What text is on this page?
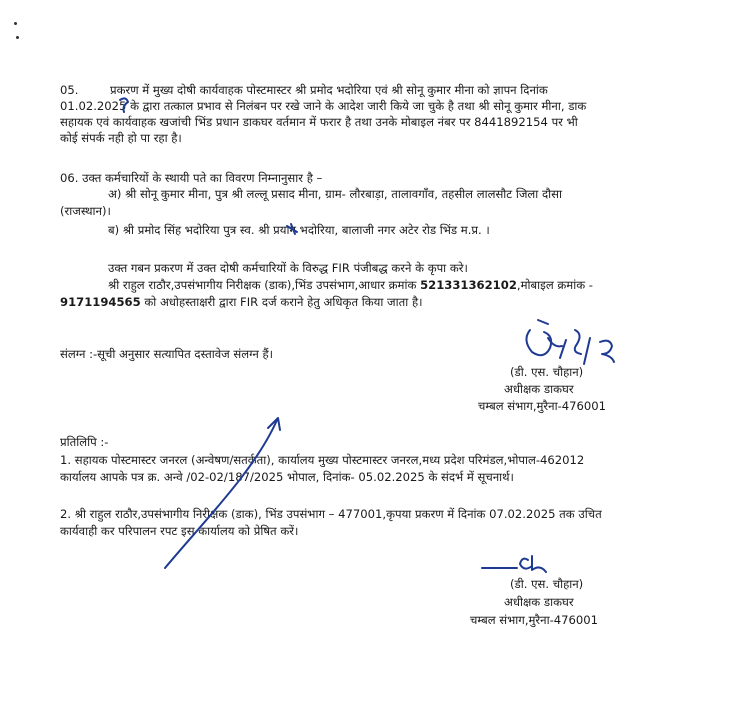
05.	प्रकरण में मुख्य दोषी कार्यवाहक पोस्टमास्टर श्री प्रमोद भदोरिया एवं श्री सोनू कुमार मीना को ज्ञापन दिनांक
01.02.2025 के द्वारा तत्काल प्रभाव से निलंबन पर रखे जाने के आदेश जारी किये जा चुके है तथा श्री सोनू कुमार मीना, डाक
सहायक एवं कार्यवाहक खजांची भिंड प्रधान डाकघर वर्तमान में फरार है तथा उनके मोबाइल नंबर पर 8441892154 पर भी
कोई संपर्क नही हो पा रहा है।
06. उक्त कर्मचारियों के स्थायी पते का विवरण निम्नानुसार है –
अ) श्री सोनू कुमार मीना, पुत्र श्री लल्लू प्रसाद मीना, ग्राम- लौरबाड़ा, तालावगाँव, तहसील लालसौट जिला दौसा
(राजस्थान)।
ब) श्री प्रमोद सिंह भदोरिया पुत्र स्व. श्री प्रयाग भदोरिया, बालाजी नगर अटेर रोड भिंड म.प्र. ।
उक्त गबन प्रकरण में उक्त दोषी कर्मचारियों के विरुद्ध FIR पंजीबद्ध करने के कृपा करे।
श्री राहुल राठौर,उपसंभागीय निरीक्षक (डाक),भिंड उपसंभाग,आधार क्रमांक 521331362102,मोबाइल क्रमांक -
9171194565 को अधोहस्ताक्षरी द्वारा FIR दर्ज कराने हेतु अधिकृत किया जाता है।
संलग्न :-सूची अनुसार सत्यापित दस्तावेज संलग्न हैं।
(डी. एस. चौहान)
अधीक्षक डाकघर
चम्बल संभाग,मुरैना-476001
प्रतिलिपि :-
1. सहायक पोस्टमास्टर जनरल (अन्वेषण/सतर्कता), कार्यालय मुख्य पोस्टमास्टर जनरल,मध्य प्रदेश परिमंडल,भोपाल-462012
कार्यालय आपके पत्र क्र. अन्वे /02-02/187/2025 भोपाल, दिनांक- 05.02.2025 के संदर्भ में सूचनार्थ।
2. श्री राहुल राठौर,उपसंभागीय निरीक्षक (डाक), भिंड उपसंभाग – 477001,कृपया प्रकरण में दिनांक 07.02.2025 तक उचित
कार्यवाही कर परिपालन रपट इस कार्यालय को प्रेषित करें।
(डी. एस. चौहान)
अधीक्षक डाकघर
चम्बल संभाग,मुरैना-476001
